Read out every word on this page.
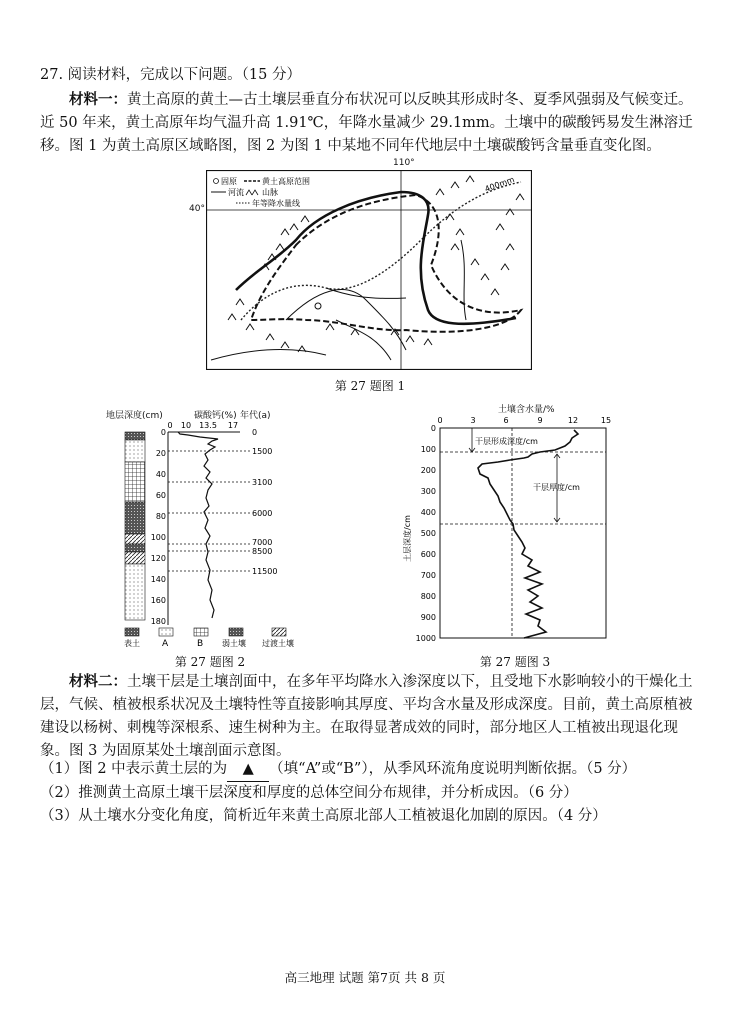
27. 阅读材料，完成以下问题。（15 分）
材料一：黄土高原的黄土—古土壤层垂直分布状况可以反映其形成时冬、夏季风强弱及气候变迁。近 50 年来，黄土高原年均气温升高 1.91℃，年降水量减少 29.1mm。土壤中的碳酸钙易发生淋溶迁移。图 1 为黄土高原区域略图，图 2 为图 1 中某地不同年代地层中土壤碳酸钙含量垂直变化图。
400mm
固原	黄土高原范围
河流 山脉
年等降水量线
110°
40°
第 27 题图 1
地层深度(cm)	碳酸钙(%) 年代(a)
0
20
40
60
80
100
120
140
160
180
0 10 13.5 17
0
1500
3100
6000
7000
8500
11500
表土 A	B 弱土壤 过渡土壤
第 27 题图 2
土壤含水量/%
0	3	6	9	12	15
0
100
200
300
400
500
600
700
800
900
1000
土层深度/cm
干层形成深度/cm
干层厚度/cm
第 27 题图 3
材料二：土壤干层是土壤剖面中，在多年平均降水入渗深度以下，且受地下水影响较小的干燥化土层，气候、植被根系状况及土壤特性等直接影响其厚度、平均含水量及形成深度。目前，黄土高原植被建设以杨树、刺槐等深根系、速生树种为主。在取得显著成效的同时，部分地区人工植被出现退化现象。图 3 为固原某处土壤剖面示意图。
（1）图 2 中表示黄土层的为 ▲ （填“A”或“B”），从季风环流角度说明判断依据。（5 分）
（2）推测黄土高原土壤干层深度和厚度的总体空间分布规律，并分析成因。（6 分）
（3）从土壤水分变化角度，简析近年来黄土高原北部人工植被退化加剧的原因。（4 分）
高三地理 试题 第7页 共 8 页
